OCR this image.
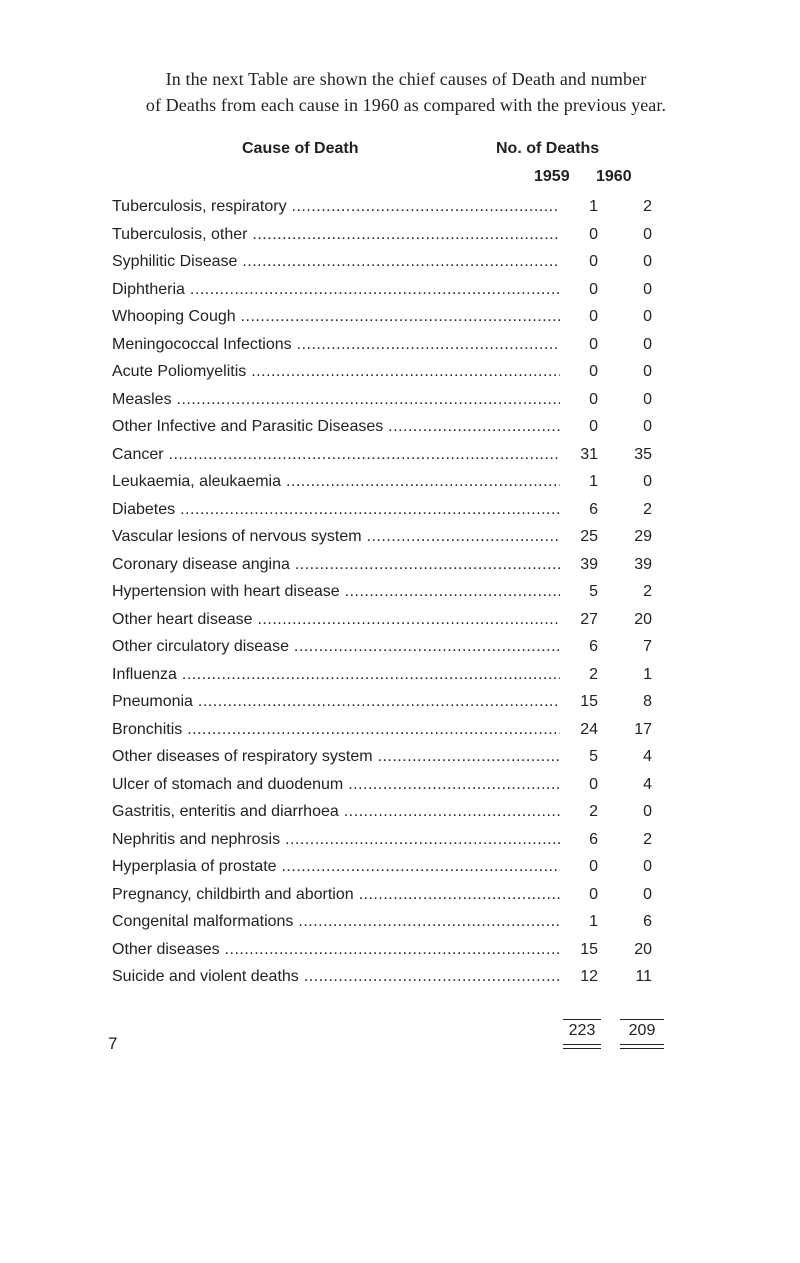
In the next Table are shown the chief causes of Death and number
of Deaths from each cause in 1960 as compared with the previous year.
Cause of Death	No. of Deaths
1959 1960
Tuberculosis, respiratory .....	1	2
Tuberculosis, other .....	0	0
Syphilitic Disease .....	0	0
Diphtheria .....	0	0
Whooping Cough .....	0	0
Meningococcal Infections .....	0	0
Acute Poliomyelitis .....	0	0
Measles .....	0	0
Other Infective and Parasitic Diseases .....	0	0
Cancer .....	31	35
Leukaemia, aleukaemia .....	1	0
Diabetes .....	6	2
Vascular lesions of nervous system .....	25	29
Coronary disease angina .....	39	39
Hypertension with heart disease .....	5	2
Other heart disease .....	27	20
Other circulatory disease .....	6	7
Influenza .....	2	1
Pneumonia .....	15	8
Bronchitis .....	24	17
Other diseases of respiratory system .....	5	4
Ulcer of stomach and duodenum .....	0	4
Gastritis, enteritis and diarrhoea .....	2	0
Nephritis and nephrosis .....	6	2
Hyperplasia of prostate .....	0	0
Pregnancy, childbirth and abortion .....	0	0
Congenital malformations .....	1	6
Other diseases .....	15	20
Suicide and violent deaths .....	12	11
223	209
7
